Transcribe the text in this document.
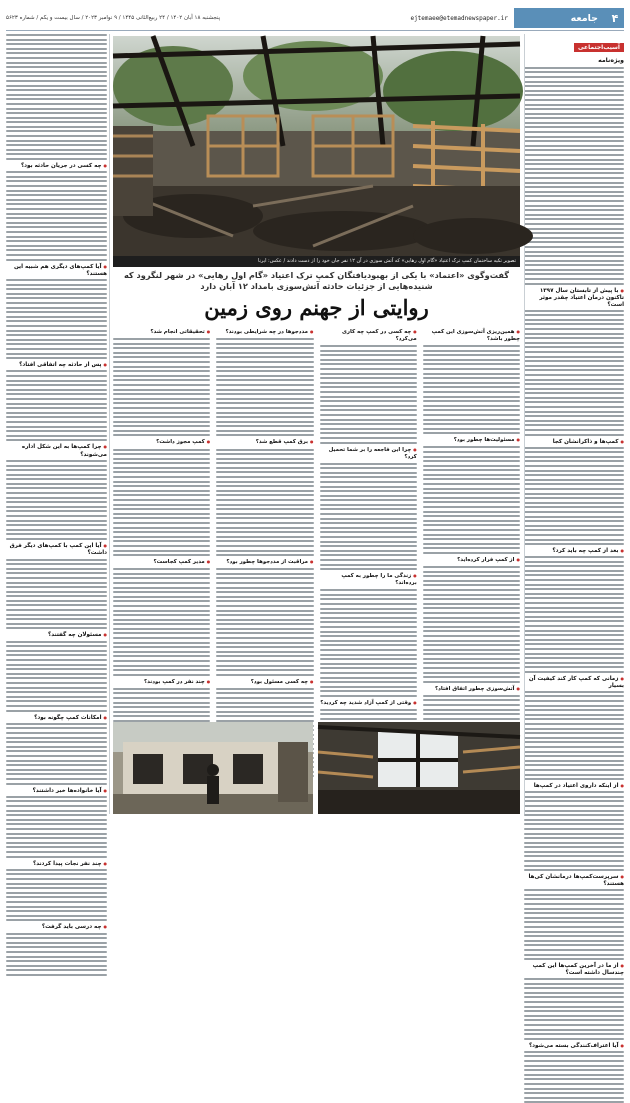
۴
جامعه
ejtemaee@etemadnewspaper.ir
پنجشنبه ۱۸ آبان ۱۴۰۲ / ۲۴ ربیع‌الثانی ۱۴۴۵ / ۹ نوامبر ۲۰۲۳ / سال بیست و یکم / شماره ۵۶۲۳
آسیب‌اجتماعی
ویژه‌نامه
● با پیش از تابستان سال ۱۳۹۷ تاکنون درمان اعتیاد چقدر موثر است؟
● کمپ‌ها و ذاکرانشان کجا
● بعد از کمپ چه باید کرد؟
● زمانی که کمپ کار کند کیفیت آن بسیار
● از اینکه داروی اعتیاد در کمپ‌ها
● سرپرست‌کمپ‌ها درمانشان کی‌ها هستند؟
● از ما در آخرین کمپ‌ها این کمپ چندسال داشته است؟
● آیا اعتراف‌کنندگی بسته می‌شود؟
تصویر تکیه ساختمان کمپ ترک اعتیاد «گام اول رهایی» که آتش سوزی در آن ۱۲ نفر جان خود را از دست دادند / عکس: ایرنا
گفت‌وگوی «اعتماد» با یکی از بهبودیافتگان کمپ ترک اعتیاد «گام اول رهایی» در شهر لنگرود که شنیده‌هایی از جزئیات حادثه آتش‌سوزی بامداد ۱۲ آبان دارد
روایتی از جهنم روی زمین
● همین‌ریزی آتش‌سوزی این کمپ چطور باشد؟
● مسئولیت‌ها چطور بود؟
● از کمپ فرار کرده‌اید؟
● آتش‌سوزی چطور اتفاق افتاد؟
● چه کسی در کمپ چه کاری می‌کرد؟
● چرا این فاجعه را بر شما تحمیل کرد؟
● زندگی ما را چطور به کمپ برده‌اند؟
● وقتی از کمپ آزاد شدید چه کردید؟
● مددجوها در چه شرایطی بودند؟
● برق کمپ قطع شد؟
● مراقبت از مددجوها چطور بود؟
● چه کسی مسئول بود؟
● تحقیقاتی انجام شد؟
● کمپ مجوز داشت؟
● مدیر کمپ کجاست؟
● چند نفر در کمپ بودند؟
● چه کسی در جریان حادثه بود؟
● آیا کمپ‌های دیگری هم شبیه این هستند؟
● پس از حادثه چه اتفاقی افتاد؟
● چرا کمپ‌ها به این شکل اداره می‌شوند؟
● آیا این کمپ با کمپ‌های دیگر فرق داشت؟
● مسئولان چه گفتند؟
● امکانات کمپ چگونه بود؟
● آیا خانواده‌ها خبر داشتند؟
● چند نفر نجات پیدا کردند؟
● چه درسی باید گرفت؟
